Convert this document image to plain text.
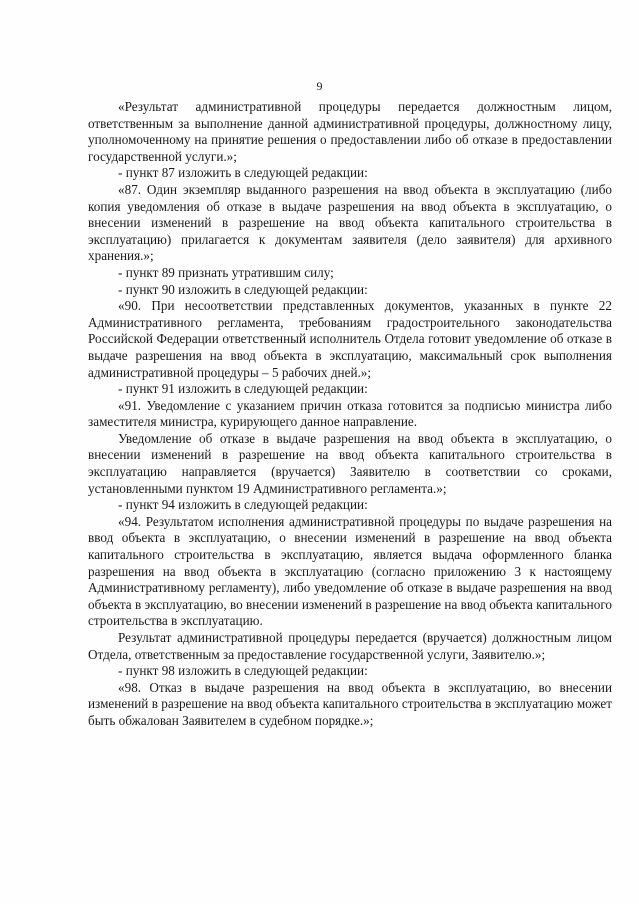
9

«Результат административной процедуры передается должностным лицом, ответственным за выполнение данной административной процедуры, должностному лицу, уполномоченному на принятие решения о предоставлении либо об отказе в предоставлении государственной услуги.»;

- пункт 87 изложить в следующей редакции:

«87. Один экземпляр выданного разрешения на ввод объекта в эксплуатацию (либо копия уведомления об отказе в выдаче разрешения на ввод объекта в эксплуатацию, о внесении изменений в разрешение на ввод объекта капитального строительства в эксплуатацию) прилагается к документам заявителя (дело заявителя) для архивного хранения.»;

- пункт 89 признать утратившим силу;

- пункт 90 изложить в следующей редакции:

«90. При несоответствии представленных документов, указанных в пункте 22 Административного регламента, требованиям градостроительного законодательства Российской Федерации ответственный исполнитель Отдела готовит уведомление об отказе в выдаче разрешения на ввод объекта в эксплуатацию, максимальный срок выполнения административной процедуры – 5 рабочих дней.»;

- пункт 91 изложить в следующей редакции:

«91. Уведомление с указанием причин отказа готовится за подписью министра либо заместителя министра, курирующего данное направление.

Уведомление об отказе в выдаче разрешения на ввод объекта в эксплуатацию, о внесении изменений в разрешение на ввод объекта капитального строительства в эксплуатацию направляется (вручается) Заявителю в соответствии со сроками, установленными пунктом 19 Административного регламента.»;

- пункт 94 изложить в следующей редакции:

«94. Результатом исполнения административной процедуры по выдаче разрешения на ввод объекта в эксплуатацию, о внесении изменений в разрешение на ввод объекта капитального строительства в эксплуатацию, является выдача оформленного бланка разрешения на ввод объекта в эксплуатацию (согласно приложению 3 к настоящему Административному регламенту), либо уведомление об отказе в выдаче разрешения на ввод объекта в эксплуатацию, во внесении изменений в разрешение на ввод объекта капитального строительства в эксплуатацию.

Результат административной процедуры передается (вручается) должностным лицом Отдела, ответственным за предоставление государственной услуги, Заявителю.»;

- пункт 98 изложить в следующей редакции:

«98. Отказ в выдаче разрешения на ввод объекта в эксплуатацию, во внесении изменений в разрешение на ввод объекта капитального строительства в эксплуатацию может быть обжалован Заявителем в судебном порядке.»;
